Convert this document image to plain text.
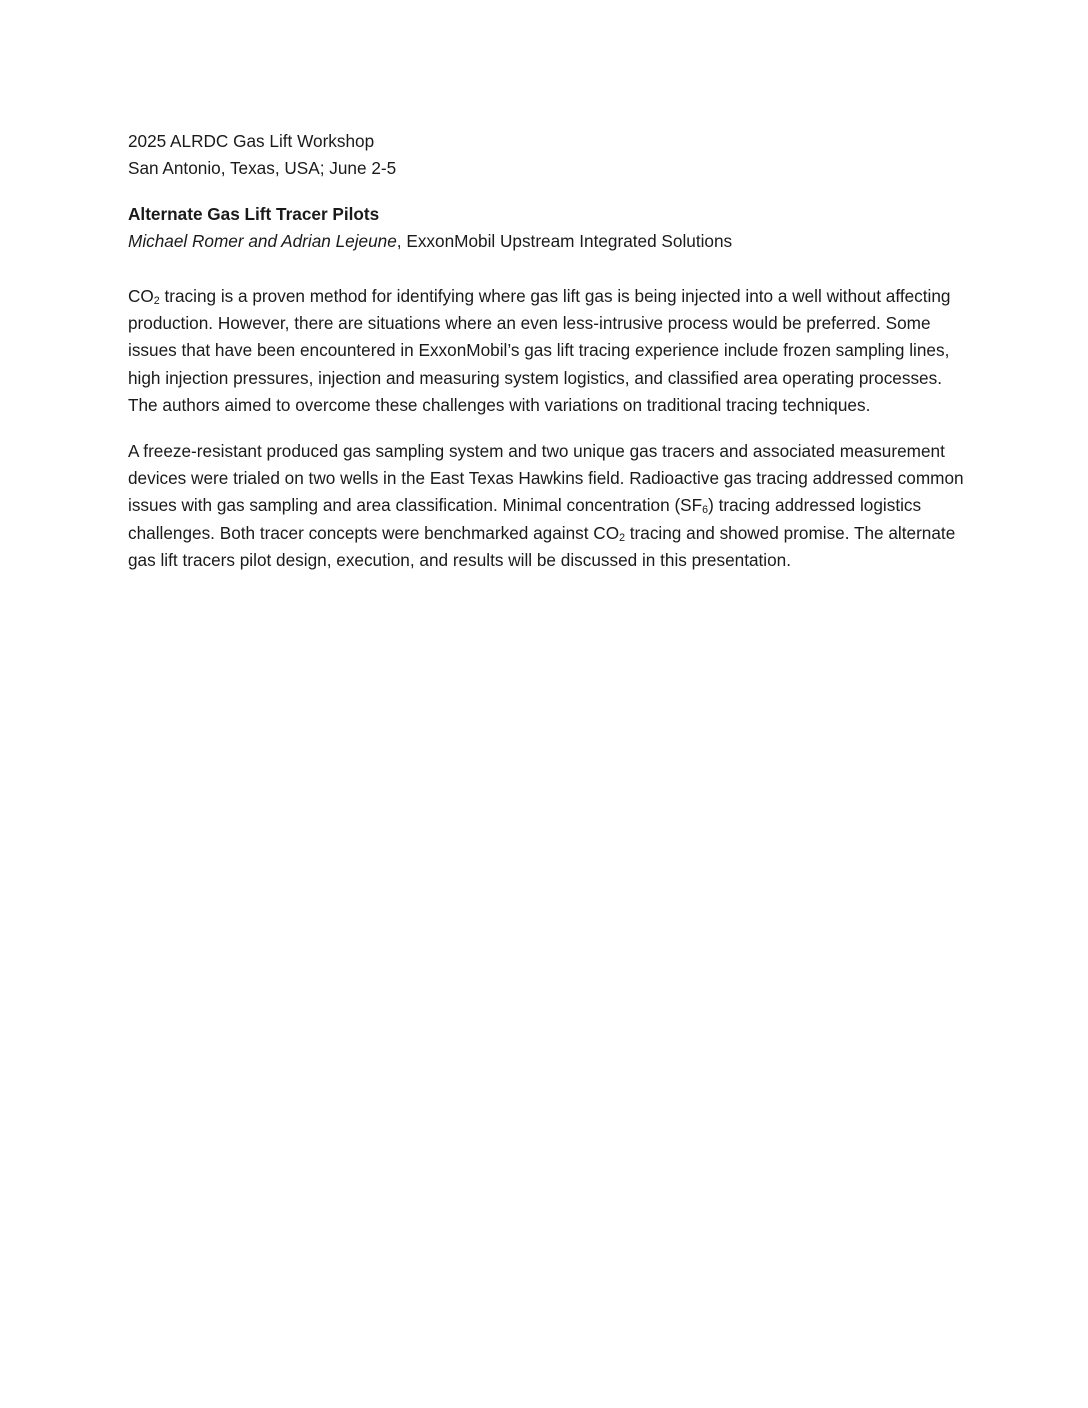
2025 ALRDC Gas Lift Workshop

San Antonio, Texas, USA; June 2-5

Alternate Gas Lift Tracer Pilots

Michael Romer and Adrian Lejeune, ExxonMobil Upstream Integrated Solutions

$CO_2$ tracing is a proven method for identifying where gas lift gas is being injected into a well without affecting production. However, there are situations where an even less-intrusive process would be preferred. Some issues that have been encountered in ExxonMobil’s gas lift tracing experience include frozen sampling lines, high injection pressures, injection and measuring system logistics, and classified area operating processes. The authors aimed to overcome these challenges with variations on traditional tracing techniques.

A freeze-resistant produced gas sampling system and two unique gas tracers and associated measurement devices were trialed on two wells in the East Texas Hawkins field. Radioactive gas tracing addressed common issues with gas sampling and area classification. Minimal concentration $(SF_6)$ tracing addressed logistics challenges. Both tracer concepts were benchmarked against $CO_2$ tracing and showed promise. The alternate gas lift tracers pilot design, execution, and results will be discussed in this presentation.
